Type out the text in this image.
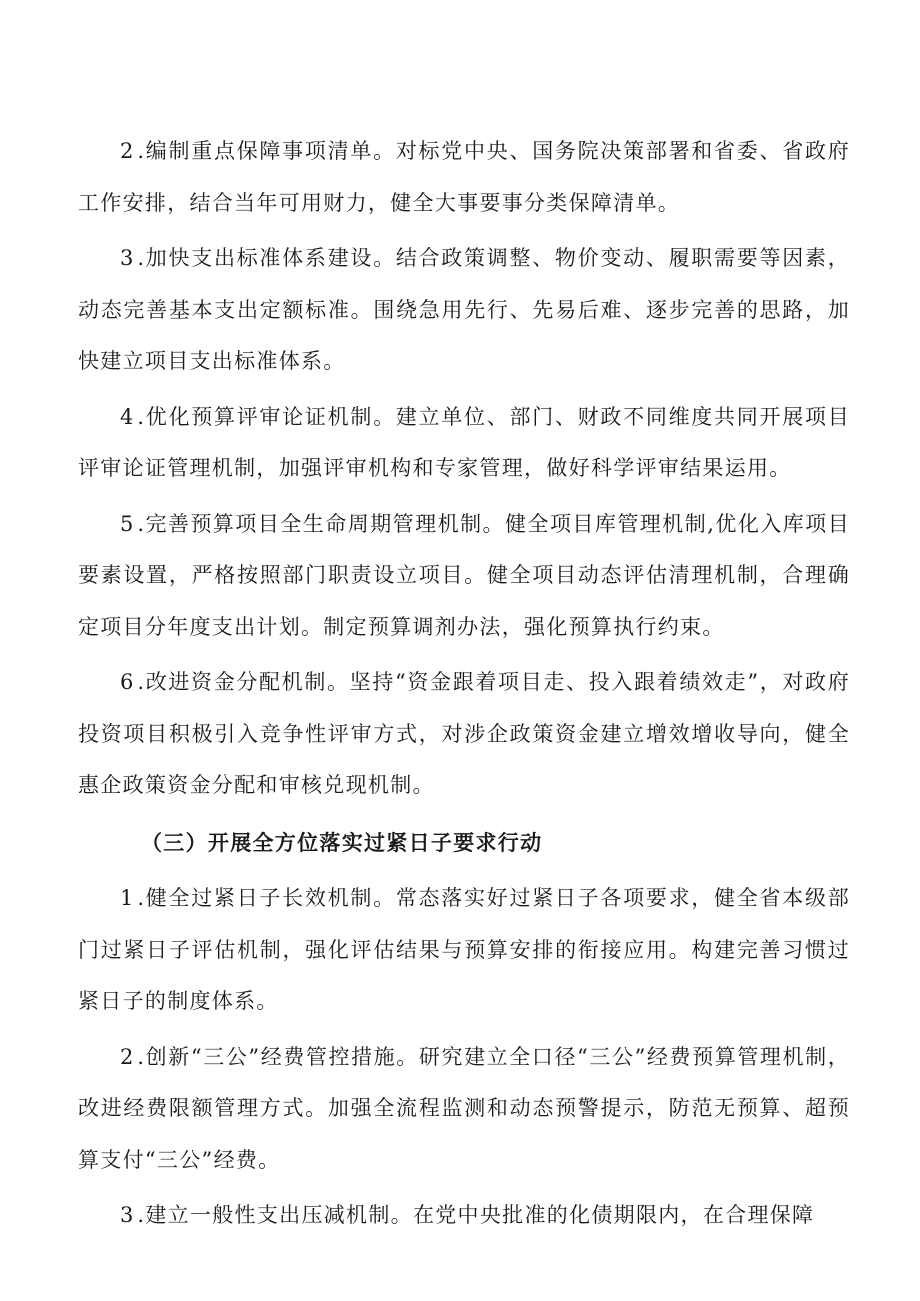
2.编制重点保障事项清单。对标党中央、国务院决策部署和省委、省政府工作安排，结合当年可用财力，健全大事要事分类保障清单。

3.加快支出标准体系建设。结合政策调整、物价变动、履职需要等因素，动态完善基本支出定额标准。围绕急用先行、先易后难、逐步完善的思路，加快建立项目支出标准体系。

4.优化预算评审论证机制。建立单位、部门、财政不同维度共同开展项目评审论证管理机制，加强评审机构和专家管理，做好科学评审结果运用。

5.完善预算项目全生命周期管理机制。健全项目库管理机制,优化入库项目要素设置，严格按照部门职责设立项目。健全项目动态评估清理机制，合理确定项目分年度支出计划。制定预算调剂办法，强化预算执行约束。

6.改进资金分配机制。坚持“资金跟着项目走、投入跟着绩效走”，对政府投资项目积极引入竞争性评审方式，对涉企政策资金建立增效增收导向，健全惠企政策资金分配和审核兑现机制。

（三）开展全方位落实过紧日子要求行动

1.健全过紧日子长效机制。常态落实好过紧日子各项要求，健全省本级部门过紧日子评估机制，强化评估结果与预算安排的衔接应用。构建完善习惯过紧日子的制度体系。

2.创新“三公”经费管控措施。研究建立全口径“三公”经费预算管理机制，改进经费限额管理方式。加强全流程监测和动态预警提示，防范无预算、超预算支付“三公”经费。

3.建立一般性支出压减机制。在党中央批准的化债期限内，在合理保障
